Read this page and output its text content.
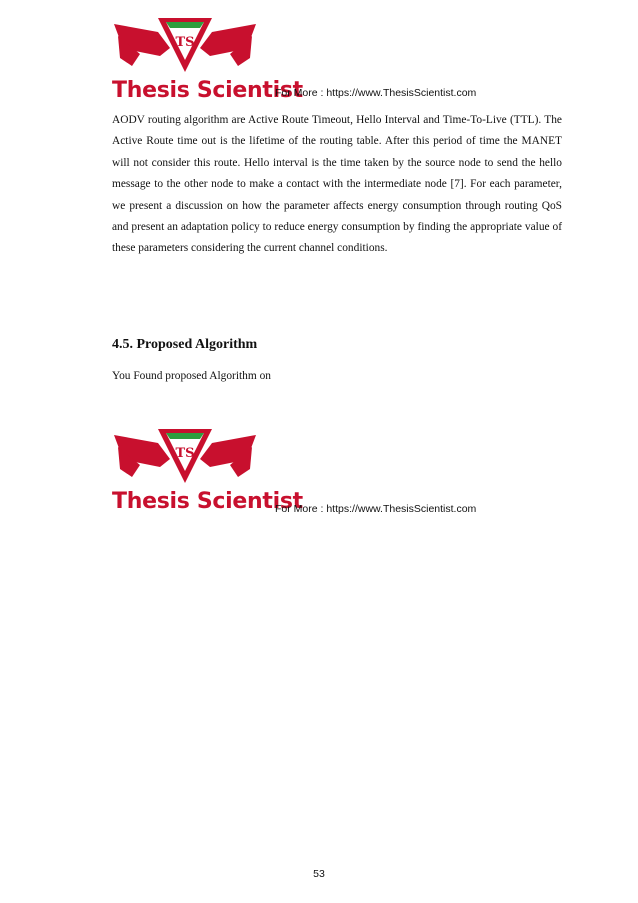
TS
Thesis Scientist
For More : https://www.ThesisScientist.com

AODV routing algorithm are Active Route Timeout, Hello Interval and Time-To-Live (TTL). The Active Route time out is the lifetime of the routing table. After this period of time the MANET will not consider this route. Hello interval is the time taken by the source node to send the hello message to the other node to make a contact with the intermediate node [7]. For each parameter, we present a discussion on how the parameter affects energy consumption through routing QoS and present an adaptation policy to reduce energy consumption by finding the appropriate value of these parameters considering the current channel conditions.

4.5. Proposed Algorithm

You Found proposed Algorithm on

TS
Thesis Scientist
For More : https://www.ThesisScientist.com
53
